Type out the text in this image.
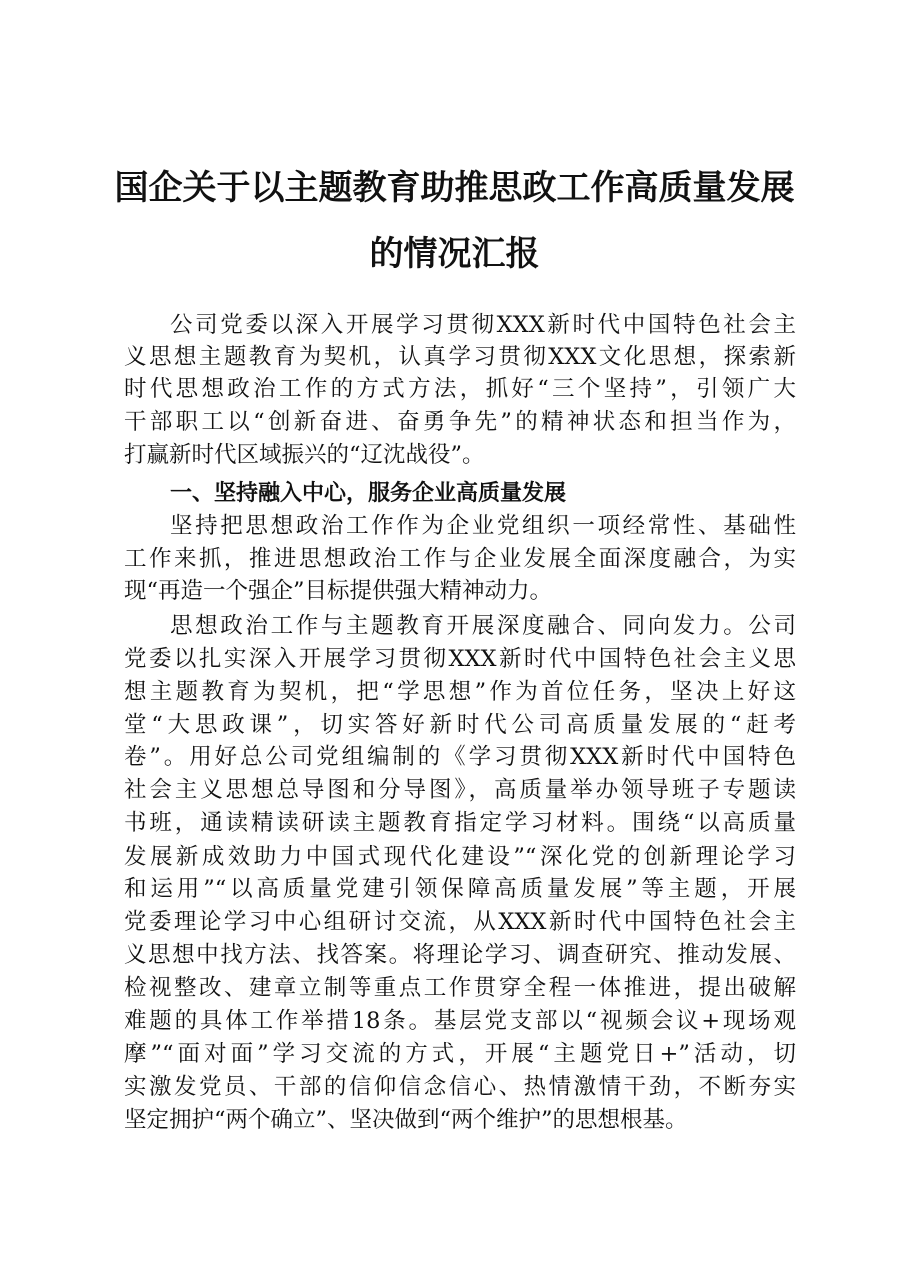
国企关于以主题教育助推思政工作高质量发展
的情况汇报
公司党委以深入开展学习贯彻XXX新时代中国特色社会主
义思想主题教育为契机，认真学习贯彻XXX文化思想，探索新
时代思想政治工作的方式方法，抓好“三个坚持”，引领广大
干部职工以“创新奋进、奋勇争先”的精神状态和担当作为，
打赢新时代区域振兴的“辽沈战役”。
一、坚持融入中心，服务企业高质量发展
坚持把思想政治工作作为企业党组织一项经常性、基础性
工作来抓，推进思想政治工作与企业发展全面深度融合，为实
现“再造一个强企”目标提供强大精神动力。
思想政治工作与主题教育开展深度融合、同向发力。公司
党委以扎实深入开展学习贯彻XXX新时代中国特色社会主义思
想主题教育为契机，把“学思想”作为首位任务，坚决上好这
堂“大思政课”，切实答好新时代公司高质量发展的“赶考
卷”。用好总公司党组编制的《学习贯彻XXX新时代中国特色
社会主义思想总导图和分导图》，高质量举办领导班子专题读
书班，通读精读研读主题教育指定学习材料。围绕“以高质量
发展新成效助力中国式现代化建设”“深化党的创新理论学习
和运用”“以高质量党建引领保障高质量发展”等主题，开展
党委理论学习中心组研讨交流，从XXX新时代中国特色社会主
义思想中找方法、找答案。将理论学习、调查研究、推动发展、
检视整改、建章立制等重点工作贯穿全程一体推进，提出破解
难题的具体工作举措18条。基层党支部以“视频会议+现场观
摩”“面对面”学习交流的方式，开展“主题党日+”活动，切
实激发党员、干部的信仰信念信心、热情激情干劲，不断夯实
坚定拥护“两个确立”、坚决做到“两个维护”的思想根基。
